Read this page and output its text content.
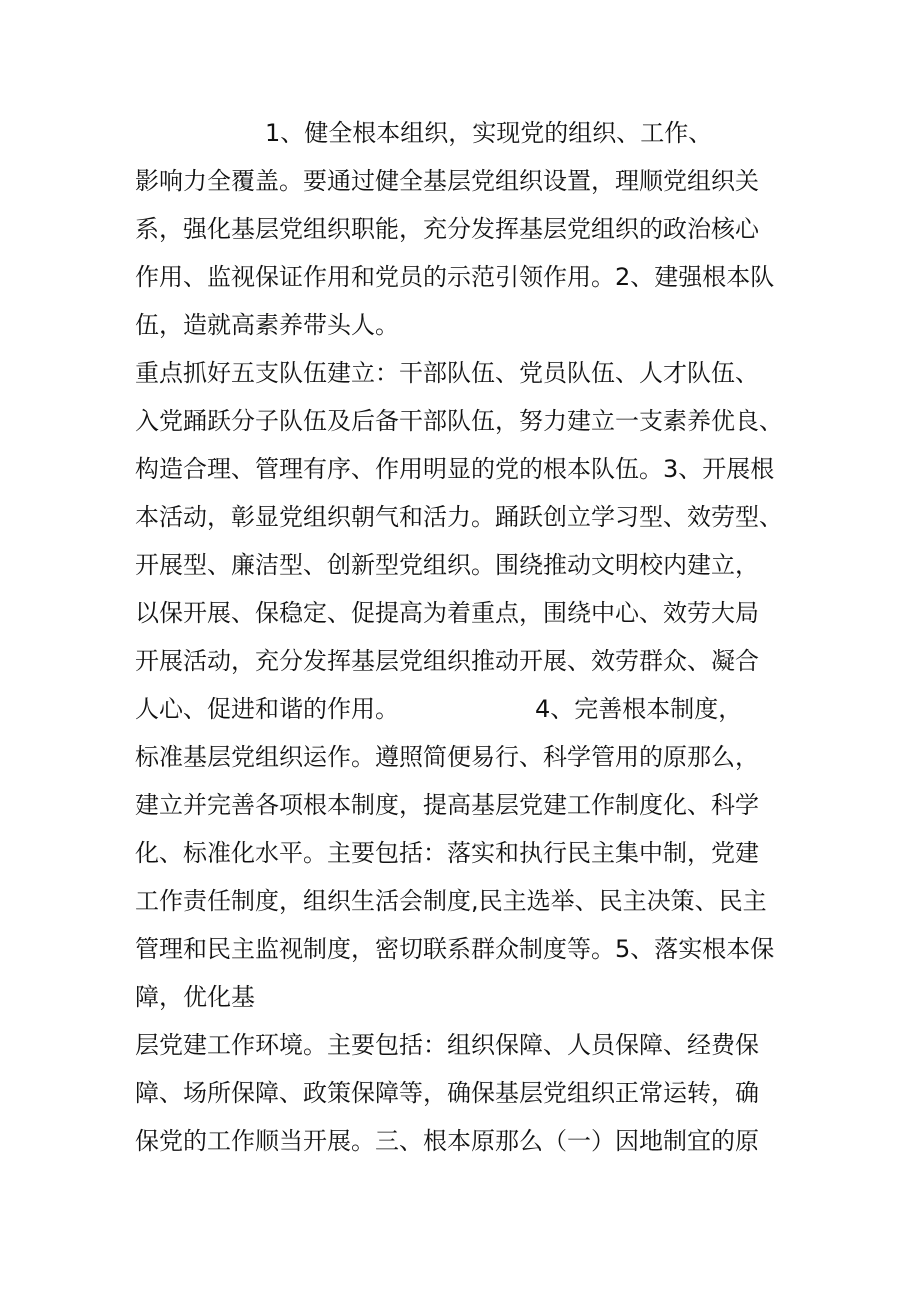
1、健全根本组织，实现党的组织、工作、
影响力全覆盖。要通过健全基层党组织设置，理顺党组织关
系，强化基层党组织职能，充分发挥基层党组织的政治核心
作用、监视保证作用和党员的示范引领作用。2、建强根本队
伍，造就高素养带头人。
重点抓好五支队伍建立：干部队伍、党员队伍、人才队伍、
入党踊跃分子队伍及后备干部队伍，努力建立一支素养优良、
构造合理、管理有序、作用明显的党的根本队伍。3、开展根
本活动，彰显党组织朝气和活力。踊跃创立学习型、效劳型、
开展型、廉洁型、创新型党组织。围绕推动文明校内建立，
以保开展、保稳定、促提高为着重点，围绕中心、效劳大局
开展活动，充分发挥基层党组织推动开展、效劳群众、凝合
人心、促进和谐的作用。	4、完善根本制度，
标准基层党组织运作。遵照简便易行、科学管用的原那么，
建立并完善各项根本制度，提高基层党建工作制度化、科学
化、标准化水平。主要包括：落实和执行民主集中制，党建
工作责任制度，组织生活会制度,民主选举、民主决策、民主
管理和民主监视制度，密切联系群众制度等。5、落实根本保
障，优化基
层党建工作环境。主要包括：组织保障、人员保障、经费保
障、场所保障、政策保障等，确保基层党组织正常运转，确
保党的工作顺当开展。三、根本原那么（一）因地制宜的原
